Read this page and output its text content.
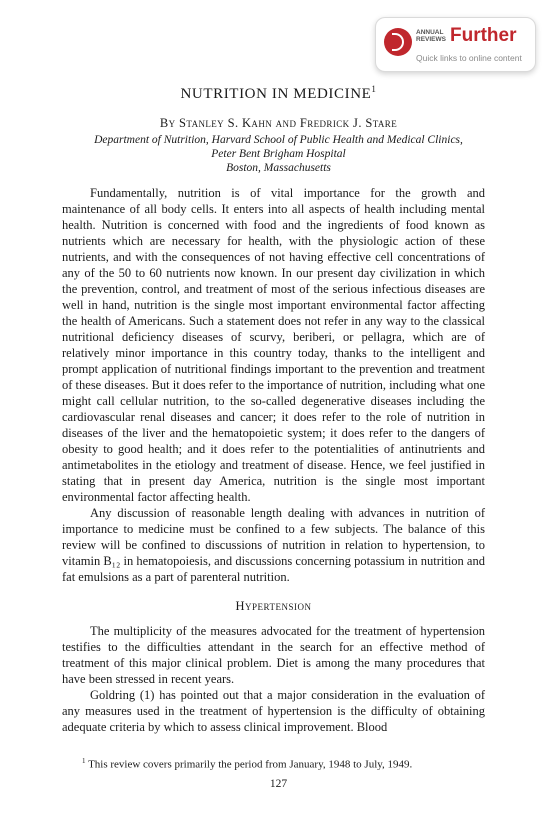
ANNUAL REVIEWS Further
Quick links to online content
NUTRITION IN MEDICINE$^1$
By Stanley S. Kahn and Fredrick J. Stare
Department of Nutrition, Harvard School of Public Health and Medical Clinics,
Peter Bent Brigham Hospital
Boston, Massachusetts

Fundamentally, nutrition is of vital importance for the growth and maintenance of all body cells. It enters into all aspects of health including mental health. Nutrition is concerned with food and the ingredients of food known as nutrients which are necessary for health, with the physiologic action of these nutrients, and with the consequences of not having effective cell concentrations of any of the 50 to 60 nutrients now known. In our present day civilization in which the prevention, control, and treatment of most of the serious infectious diseases are well in hand, nutrition is the single most important environmental factor affecting the health of Americans. Such a statement does not refer in any way to the classical nutritional deficiency diseases of scurvy, beriberi, or pellagra, which are of relatively minor importance in this country today, thanks to the intelligent and prompt application of nutritional findings important to the prevention and treatment of these diseases. But it does refer to the importance of nutrition, including what one might call cellular nutrition, to the so-called degenerative diseases including the cardiovascular renal diseases and cancer; it does refer to the role of nutrition in diseases of the liver and the hematopoietic system; it does refer to the dangers of obesity to good health; and it does refer to the potentialities of antinutrients and antimetabolites in the etiology and treatment of disease. Hence, we feel justified in stating that in present day America, nutrition is the single most important environmental factor affecting health.

Any discussion of reasonable length dealing with advances in nutrition of importance to medicine must be confined to a few subjects. The balance of this review will be confined to discussions of nutrition in relation to hypertension, to vitamin B₁₂ in hematopoiesis, and discussions concerning potassium in nutrition and fat emulsions as a part of parenteral nutrition.

Hypertension

The multiplicity of the measures advocated for the treatment of hypertension testifies to the difficulties attendant in the search for an effective method of treatment of this major clinical problem. Diet is among the many procedures that have been stressed in recent years.

Goldring (1) has pointed out that a major consideration in the evaluation of any measures used in the treatment of hypertension is the difficulty of obtaining adequate criteria by which to assess clinical improvement. Blood

$^1$ This review covers primarily the period from January, 1948 to July, 1949.
127
